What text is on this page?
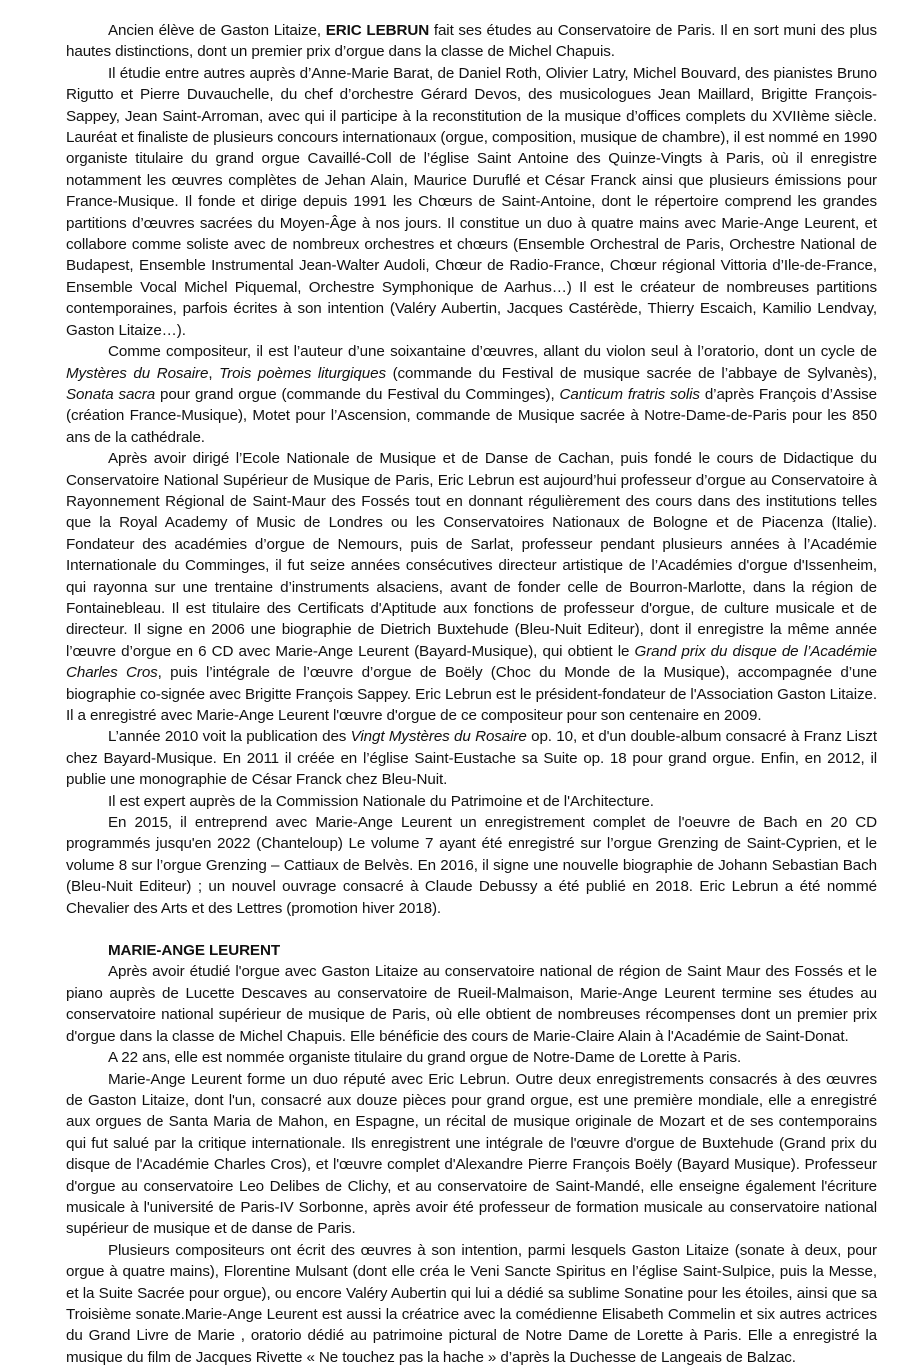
Ancien élève de Gaston Litaize, ERIC LEBRUN fait ses études au Conservatoire de Paris. Il en sort muni des plus hautes distinctions, dont un premier prix d’orgue dans la classe de Michel Chapuis.

Il étudie entre autres auprès d’Anne-Marie Barat, de Daniel Roth, Olivier Latry, Michel Bouvard, des pianistes Bruno Rigutto et Pierre Duvauchelle, du chef d’orchestre Gérard Devos, des musicologues Jean Maillard, Brigitte François-Sappey, Jean Saint-Arroman, avec qui il participe à la reconstitution de la musique d’offices complets du XVIIème siècle. Lauréat et finaliste de plusieurs concours internationaux (orgue, composition, musique de chambre), il est nommé en 1990 organiste titulaire du grand orgue Cavaillé-Coll de l’église Saint Antoine des Quinze-Vingts à Paris, où il enregistre notamment les œuvres complètes de Jehan Alain, Maurice Duruflé et César Franck ainsi que plusieurs émissions pour France-Musique. Il fonde et dirige depuis 1991 les Chœurs de Saint-Antoine, dont le répertoire comprend les grandes partitions d’œuvres sacrées du Moyen-Âge à nos jours. Il constitue un duo à quatre mains avec Marie-Ange Leurent, et collabore comme soliste avec de nombreux orchestres et chœurs (Ensemble Orchestral de Paris, Orchestre National de Budapest, Ensemble Instrumental Jean-Walter Audoli, Chœur de Radio-France, Chœur régional Vittoria d’Ile-de-France, Ensemble Vocal Michel Piquemal, Orchestre Symphonique de Aarhus…) Il est le créateur de nombreuses partitions contemporaines, parfois écrites à son intention (Valéry Aubertin, Jacques Castérède, Thierry Escaich, Kamilio Lendvay, Gaston Litaize…).

Comme compositeur, il est l’auteur d’une soixantaine d’œuvres, allant du violon seul à l’oratorio, dont un cycle de Mystères du Rosaire, Trois poèmes liturgiques (commande du Festival de musique sacrée de l’abbaye de Sylvanès), Sonata sacra pour grand orgue (commande du Festival du Comminges), Canticum fratris solis d’après François d’Assise (création France-Musique), Motet pour l’Ascension, commande de Musique sacrée à Notre-Dame-de-Paris pour les 850 ans de la cathédrale.

Après avoir dirigé l’Ecole Nationale de Musique et de Danse de Cachan, puis fondé le cours de Didactique du Conservatoire National Supérieur de Musique de Paris, Eric Lebrun est aujourd’hui professeur d’orgue au Conservatoire à Rayonnement Régional de Saint-Maur des Fossés tout en donnant régulièrement des cours dans des institutions telles que la Royal Academy of Music de Londres ou les Conservatoires Nationaux de Bologne et de Piacenza (Italie). Fondateur des académies d’orgue de Nemours, puis de Sarlat, professeur pendant plusieurs années à l’Académie Internationale du Comminges, il fut seize années consécutives directeur artistique de l’Académies d'orgue d'Issenheim, qui rayonna sur une trentaine d’instruments alsaciens, avant de fonder celle de Bourron-Marlotte, dans la région de Fontainebleau. Il est titulaire des Certificats d'Aptitude aux fonctions de professeur d'orgue, de culture musicale et de directeur. Il signe en 2006 une biographie de Dietrich Buxtehude (Bleu-Nuit Editeur), dont il enregistre la même année l’œuvre d’orgue en 6 CD avec Marie-Ange Leurent (Bayard-Musique), qui obtient le Grand prix du disque de l’Académie Charles Cros, puis l’intégrale de l’œuvre d’orgue de Boëly (Choc du Monde de la Musique), accompagnée d’une biographie co-signée avec Brigitte François Sappey. Eric Lebrun est le président-fondateur de l'Association Gaston Litaize. Il a enregistré avec Marie-Ange Leurent l'œuvre d'orgue de ce compositeur pour son centenaire en 2009.

L’année 2010 voit la publication des Vingt Mystères du Rosaire op. 10, et d'un double-album consacré à Franz Liszt chez Bayard-Musique. En 2011 il créée en l’église Saint-Eustache sa Suite op. 18 pour grand orgue. Enfin, en 2012, il publie une monographie de César Franck chez Bleu-Nuit.

Il est expert auprès de la Commission Nationale du Patrimoine et de l'Architecture.

En 2015, il entreprend avec Marie-Ange Leurent un enregistrement complet de l'oeuvre de Bach en 20 CD programmés jusqu'en 2022 (Chanteloup) Le volume 7 ayant été enregistré sur l’orgue Grenzing de Saint-Cyprien, et le volume 8 sur l’orgue Grenzing – Cattiaux de Belvès. En 2016, il signe une nouvelle biographie de Johann Sebastian Bach (Bleu-Nuit Editeur) ; un nouvel ouvrage consacré à Claude Debussy a été publié en 2018. Eric Lebrun a été nommé Chevalier des Arts et des Lettres (promotion hiver 2018).

MARIE-ANGE LEURENT

Après avoir étudié l'orgue avec Gaston Litaize au conservatoire national de région de Saint Maur des Fossés et le piano auprès de Lucette Descaves au conservatoire de Rueil-Malmaison, Marie-Ange Leurent termine ses études au conservatoire national supérieur de musique de Paris, où elle obtient de nombreuses récompenses dont un premier prix d'orgue dans la classe de Michel Chapuis. Elle bénéficie des cours de Marie-Claire Alain à l'Académie de Saint-Donat.

A 22 ans, elle est nommée organiste titulaire du grand orgue de Notre-Dame de Lorette à Paris.

Marie-Ange Leurent forme un duo réputé avec Eric Lebrun. Outre deux enregistrements consacrés à des œuvres de Gaston Litaize, dont l'un, consacré aux douze pièces pour grand orgue, est une première mondiale, elle a enregistré aux orgues de Santa Maria de Mahon, en Espagne, un récital de musique originale de Mozart et de ses contemporains qui fut salué par la critique internationale. Ils enregistrent une intégrale de l'œuvre d'orgue de Buxtehude (Grand prix du disque de l'Académie Charles Cros), et l'œuvre complet d'Alexandre Pierre François Boëly (Bayard Musique). Professeur d'orgue au conservatoire Leo Delibes de Clichy, et au conservatoire de Saint-Mandé, elle enseigne également l'écriture musicale à l'université de Paris-IV Sorbonne, après avoir été professeur de formation musicale au conservatoire national supérieur de musique et de danse de Paris.

Plusieurs compositeurs ont écrit des œuvres à son intention, parmi lesquels Gaston Litaize (sonate à deux, pour orgue à quatre mains), Florentine Mulsant (dont elle créa le Veni Sancte Spiritus en l’église Saint-Sulpice, puis la Messe, et la Suite Sacrée pour orgue), ou encore Valéry Aubertin qui lui a dédié sa sublime Sonatine pour les étoiles, ainsi que sa Troisième sonate.Marie-Ange Leurent est aussi la créatrice avec la comédienne Elisabeth Commelin et six autres actrices du Grand Livre de Marie , oratorio dédié au patrimoine pictural de Notre Dame de Lorette à Paris. Elle a enregistré la musique du film de Jacques Rivette « Ne touchez pas la hache » d’après la Duchesse de Langeais de Balzac.
